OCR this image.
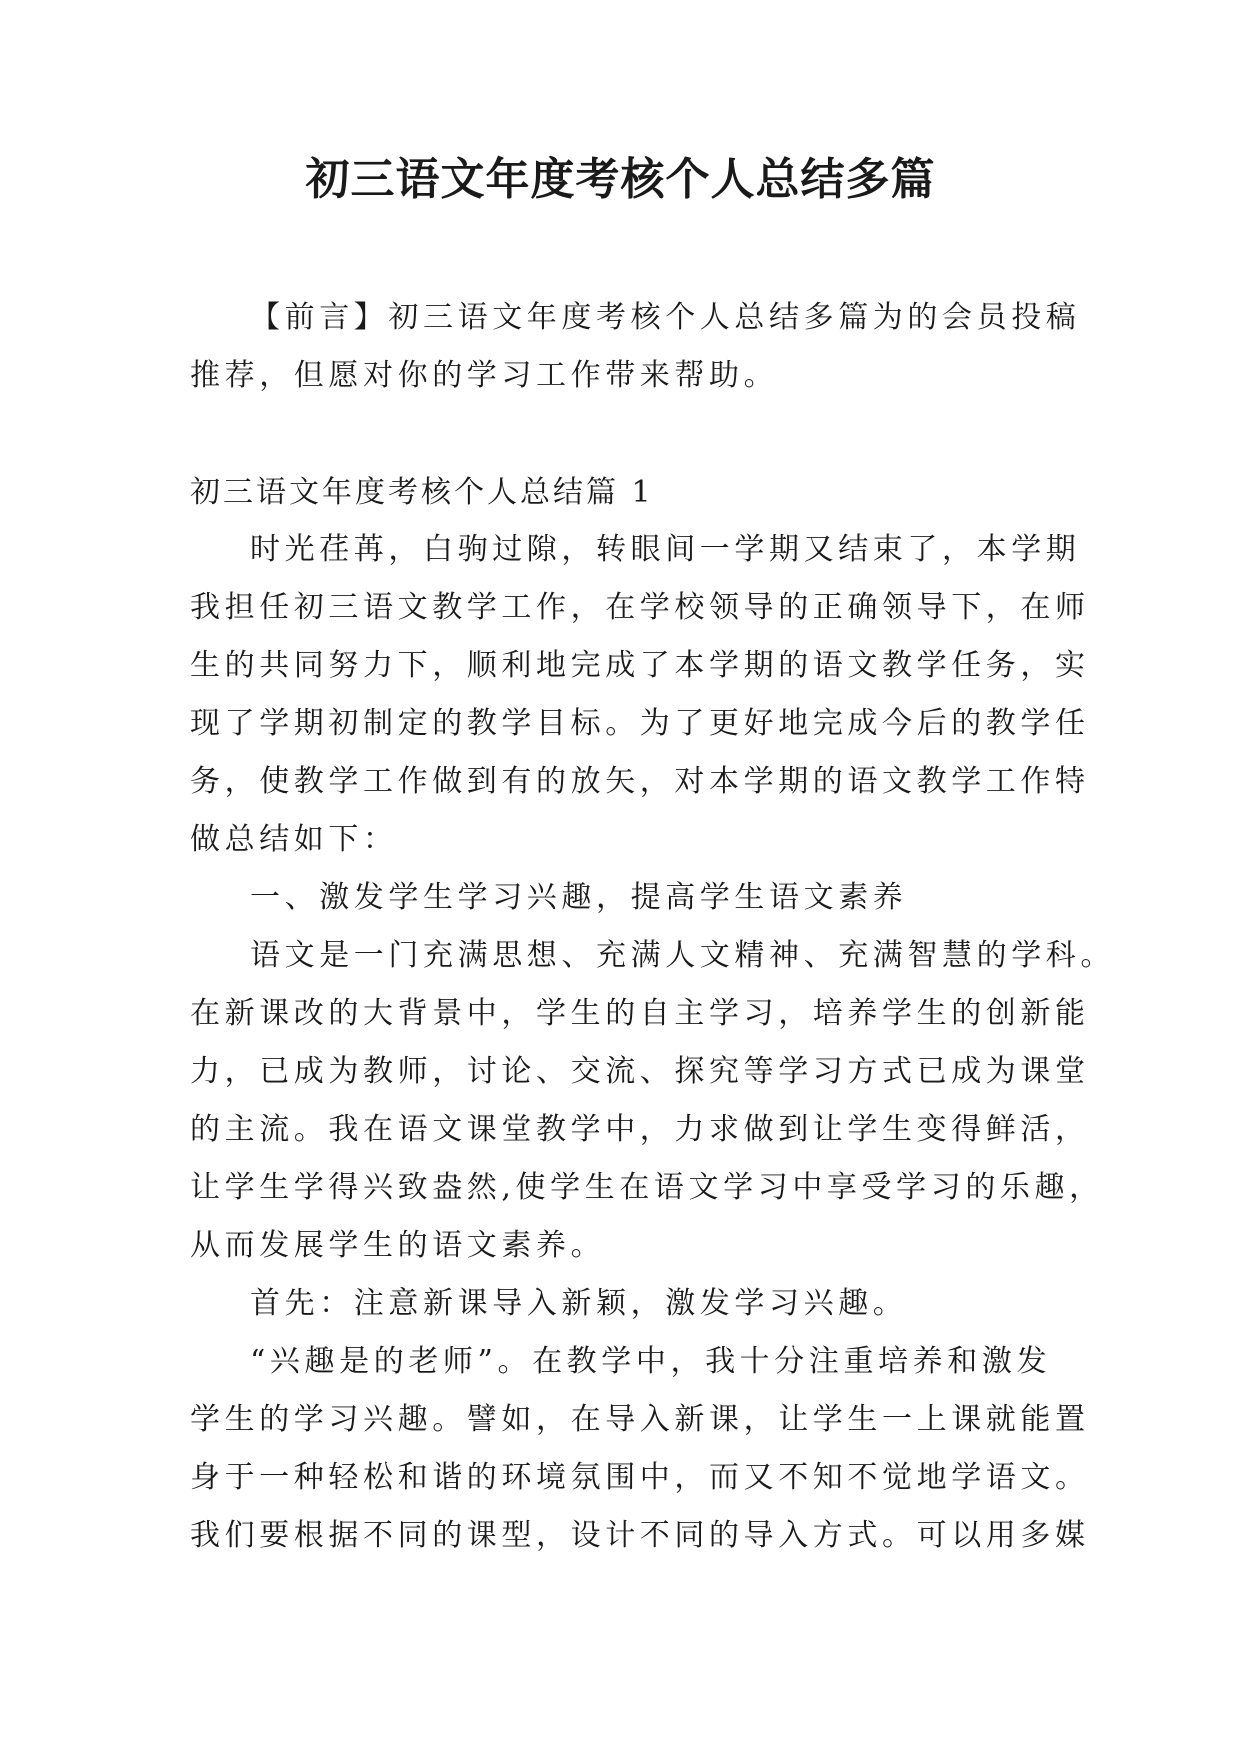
初三语文年度考核个人总结多篇
【前言】初三语文年度考核个人总结多篇为的会员投稿
推荐，但愿对你的学习工作带来帮助。
初三语文年度考核个人总结篇 1
时光荏苒，白驹过隙，转眼间一学期又结束了，本学期
我担任初三语文教学工作，在学校领导的正确领导下，在师
生的共同努力下，顺利地完成了本学期的语文教学任务，实
现了学期初制定的教学目标。为了更好地完成今后的教学任
务，使教学工作做到有的放矢，对本学期的语文教学工作特
做总结如下：
一、激发学生学习兴趣，提高学生语文素养
语文是一门充满思想、充满人文精神、充满智慧的学科。
在新课改的大背景中，学生的自主学习，培养学生的创新能
力，已成为教师，讨论、交流、探究等学习方式已成为课堂
的主流。我在语文课堂教学中，力求做到让学生变得鲜活，
让学生学得兴致盎然,使学生在语文学习中享受学习的乐趣，
从而发展学生的语文素养。
首先：注意新课导入新颖，激发学习兴趣。
“兴趣是的老师”。在教学中，我十分注重培养和激发
学生的学习兴趣。譬如，在导入新课，让学生一上课就能置
身于一种轻松和谐的环境氛围中，而又不知不觉地学语文。
我们要根据不同的课型，设计不同的导入方式。可以用多媒
